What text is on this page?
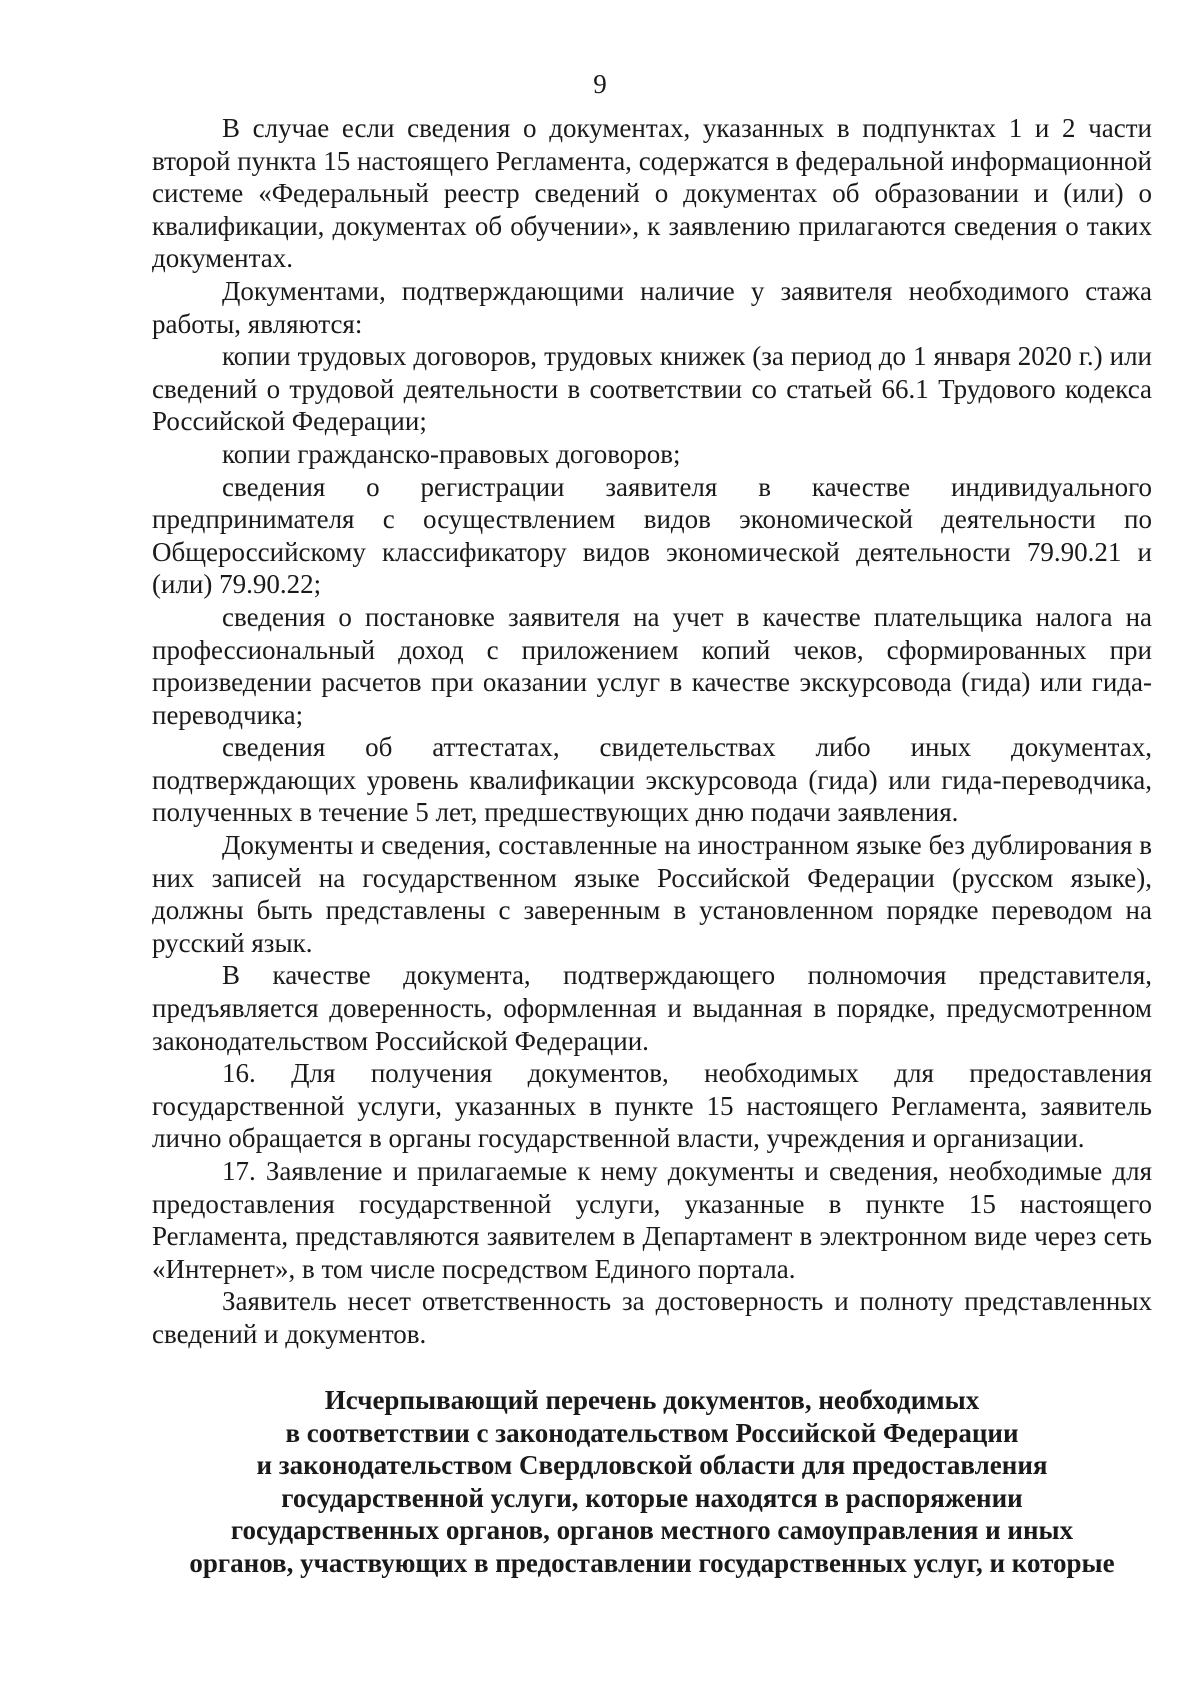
9

В случае если сведения о документах, указанных в подпунктах 1 и 2 части второй пункта 15 настоящего Регламента, содержатся в федеральной информационной системе «Федеральный реестр сведений о документах об образовании и (или) о квалификации, документах об обучении», к заявлению прилагаются сведения о таких документах.

Документами, подтверждающими наличие у заявителя необходимого стажа работы, являются:

копии трудовых договоров, трудовых книжек (за период до 1 января 2020 г.) или сведений о трудовой деятельности в соответствии со статьей 66.1 Трудового кодекса Российской Федерации;

копии гражданско-правовых договоров;

сведения о регистрации заявителя в качестве индивидуального предпринимателя с осуществлением видов экономической деятельности по Общероссийскому классификатору видов экономической деятельности 79.90.21 и (или) 79.90.22;

сведения о постановке заявителя на учет в качестве плательщика налога на профессиональный доход с приложением копий чеков, сформированных при произведении расчетов при оказании услуг в качестве экскурсовода (гида) или гида-переводчика;

сведения об аттестатах, свидетельствах либо иных документах, подтверждающих уровень квалификации экскурсовода (гида) или гида-переводчика, полученных в течение 5 лет, предшествующих дню подачи заявления.

Документы и сведения, составленные на иностранном языке без дублирования в них записей на государственном языке Российской Федерации (русском языке), должны быть представлены с заверенным в установленном порядке переводом на русский язык.

В качестве документа, подтверждающего полномочия представителя, предъявляется доверенность, оформленная и выданная в порядке, предусмотренном законодательством Российской Федерации.

16. Для получения документов, необходимых для предоставления государственной услуги, указанных в пункте 15 настоящего Регламента, заявитель лично обращается в органы государственной власти, учреждения и организации.

17. Заявление и прилагаемые к нему документы и сведения, необходимые для предоставления государственной услуги, указанные в пункте 15 настоящего Регламента, представляются заявителем в Департамент в электронном виде через сеть «Интернет», в том числе посредством Единого портала.

Заявитель несет ответственность за достоверность и полноту представленных сведений и документов.

Исчерпывающий перечень документов, необходимых
в соответствии с законодательством Российской Федерации
и законодательством Свердловской области для предоставления
государственной услуги, которые находятся в распоряжении
государственных органов, органов местного самоуправления и иных
органов, участвующих в предоставлении государственных услуг, и которые
